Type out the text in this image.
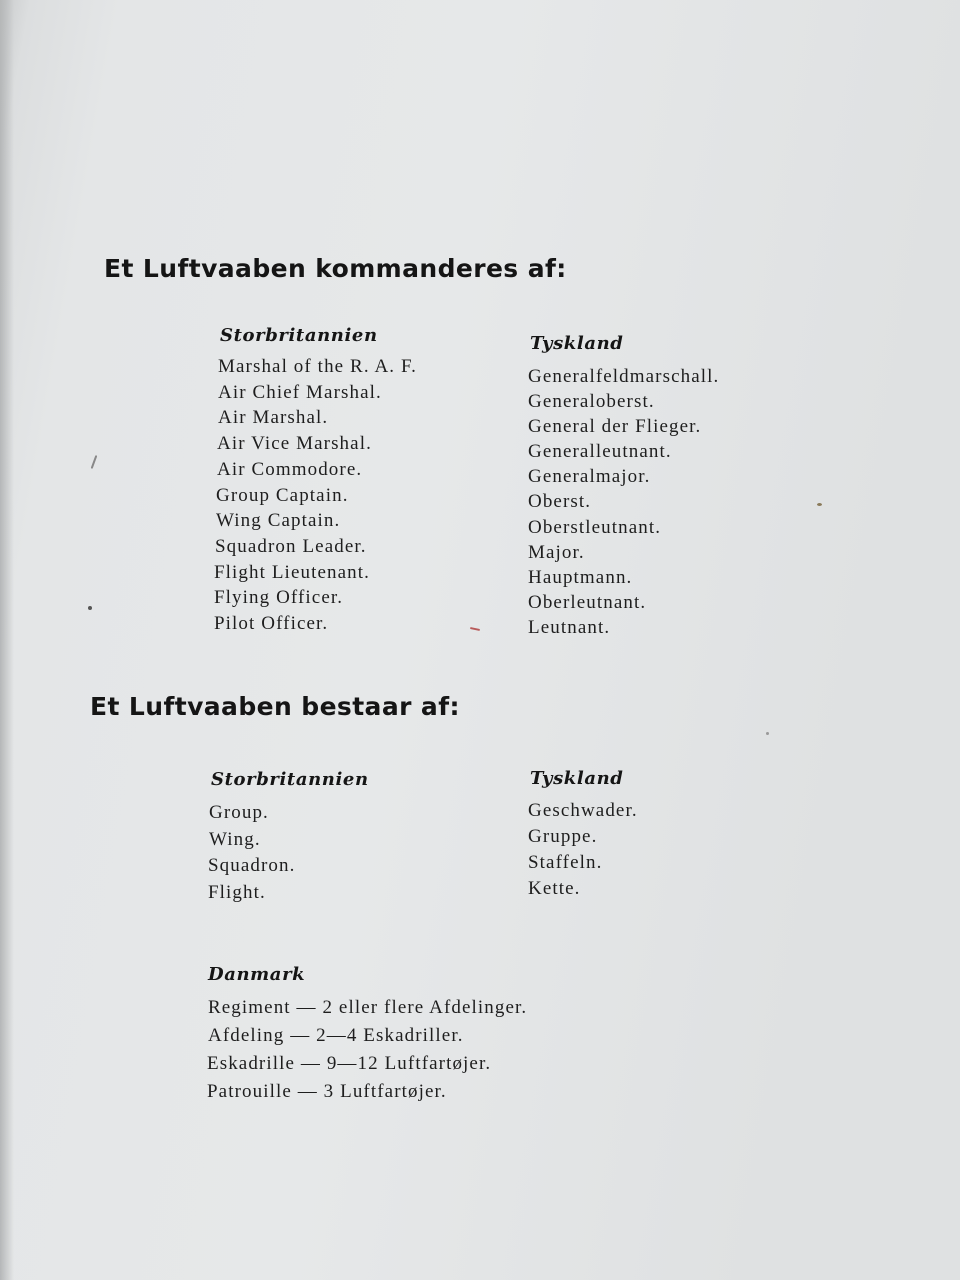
Et Luftvaaben kommanderes af:
Storbritannien
Marshal of the R. A. F.
Air Chief Marshal.
Air Marshal.
Air Vice Marshal.
Air Commodore.
Group Captain.
Wing Captain.
Squadron Leader.
Flight Lieutenant.
Flying Officer.
Pilot Officer.
Tyskland
Generalfeldmarschall.
Generaloberst.
General der Flieger.
Generalleutnant.
Generalmajor.
Oberst.
Oberstleutnant.
Major.
Hauptmann.
Oberleutnant.
Leutnant.
Et Luftvaaben bestaar af:
Storbritannien
Group.
Wing.
Squadron.
Flight.
Tyskland
Geschwader.
Gruppe.
Staffeln.
Kette.
Danmark
Regiment — 2 eller flere Afdelinger.
Afdeling — 2—4 Eskadriller.
Eskadrille — 9—12 Luftfartøjer.
Patrouille — 3 Luftfartøjer.
